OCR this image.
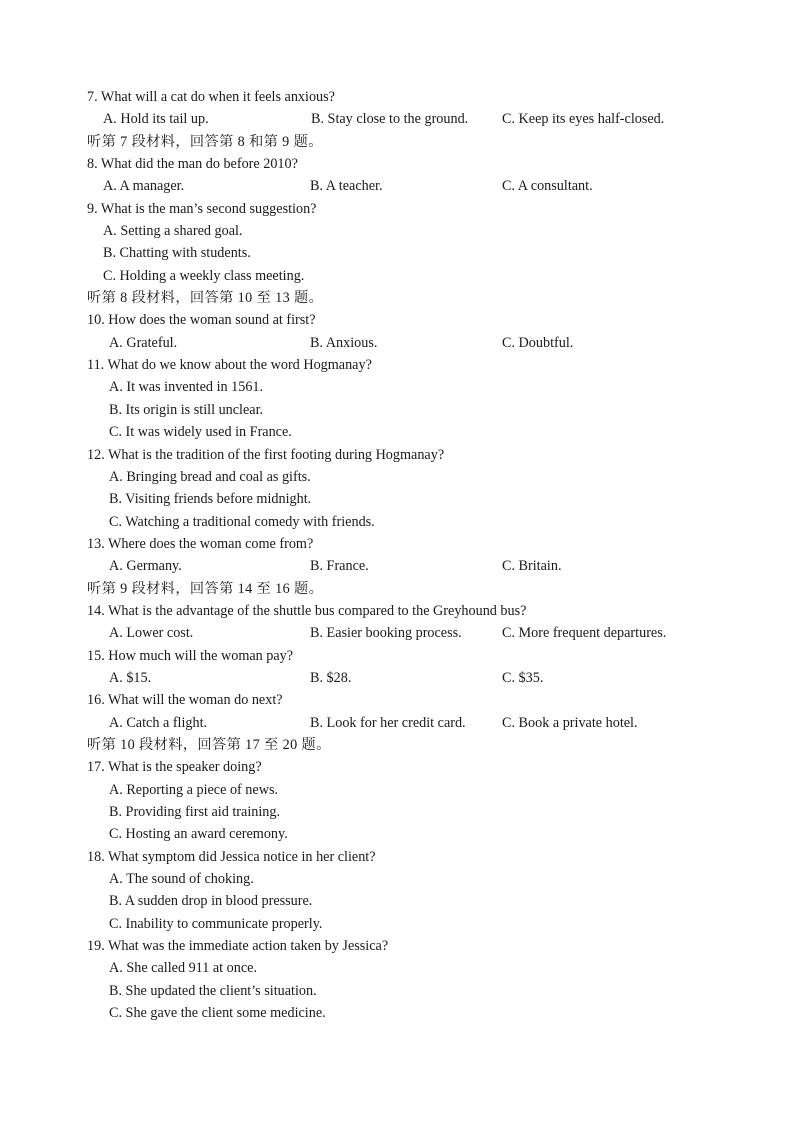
7. What will a cat do when it feels anxious?
A. Hold its tail up.	B. Stay close to the ground. C. Keep its eyes half-closed.
听第 7 段材料，回答第 8 和第 9 题。
8. What did the man do before 2010?
A. A manager.	B. A teacher.	C. A consultant.
9. What is the man’s second suggestion?
A. Setting a shared goal.
B. Chatting with students.
C. Holding a weekly class meeting.
听第 8 段材料，回答第 10 至 13 题。
10. How does the woman sound at first?
A. Grateful.	B. Anxious.	C. Doubtful.
11. What do we know about the word Hogmanay?
A. It was invented in 1561.
B. Its origin is still unclear.
C. It was widely used in France.
12. What is the tradition of the first footing during Hogmanay?
A. Bringing bread and coal as gifts.
B. Visiting friends before midnight.
C. Watching a traditional comedy with friends.
13. Where does the woman come from?
A. Germany.	B. France.	C. Britain.
听第 9 段材料，回答第 14 至 16 题。
14. What is the advantage of the shuttle bus compared to the Greyhound bus?
A. Lower cost.	B. Easier booking process.	C. More frequent departures.
15. How much will the woman pay?
A. $15.	B. $28.	C. $35.
16. What will the woman do next?
A. Catch a flight.	B. Look for her credit card.	C. Book a private hotel.
听第 10 段材料，回答第 17 至 20 题。
17. What is the speaker doing?
A. Reporting a piece of news.
B. Providing first aid training.
C. Hosting an award ceremony.
18. What symptom did Jessica notice in her client?
A. The sound of choking.
B. A sudden drop in blood pressure.
C. Inability to communicate properly.
19. What was the immediate action taken by Jessica?
A. She called 911 at once.
B. She updated the client’s situation.
C. She gave the client some medicine.
